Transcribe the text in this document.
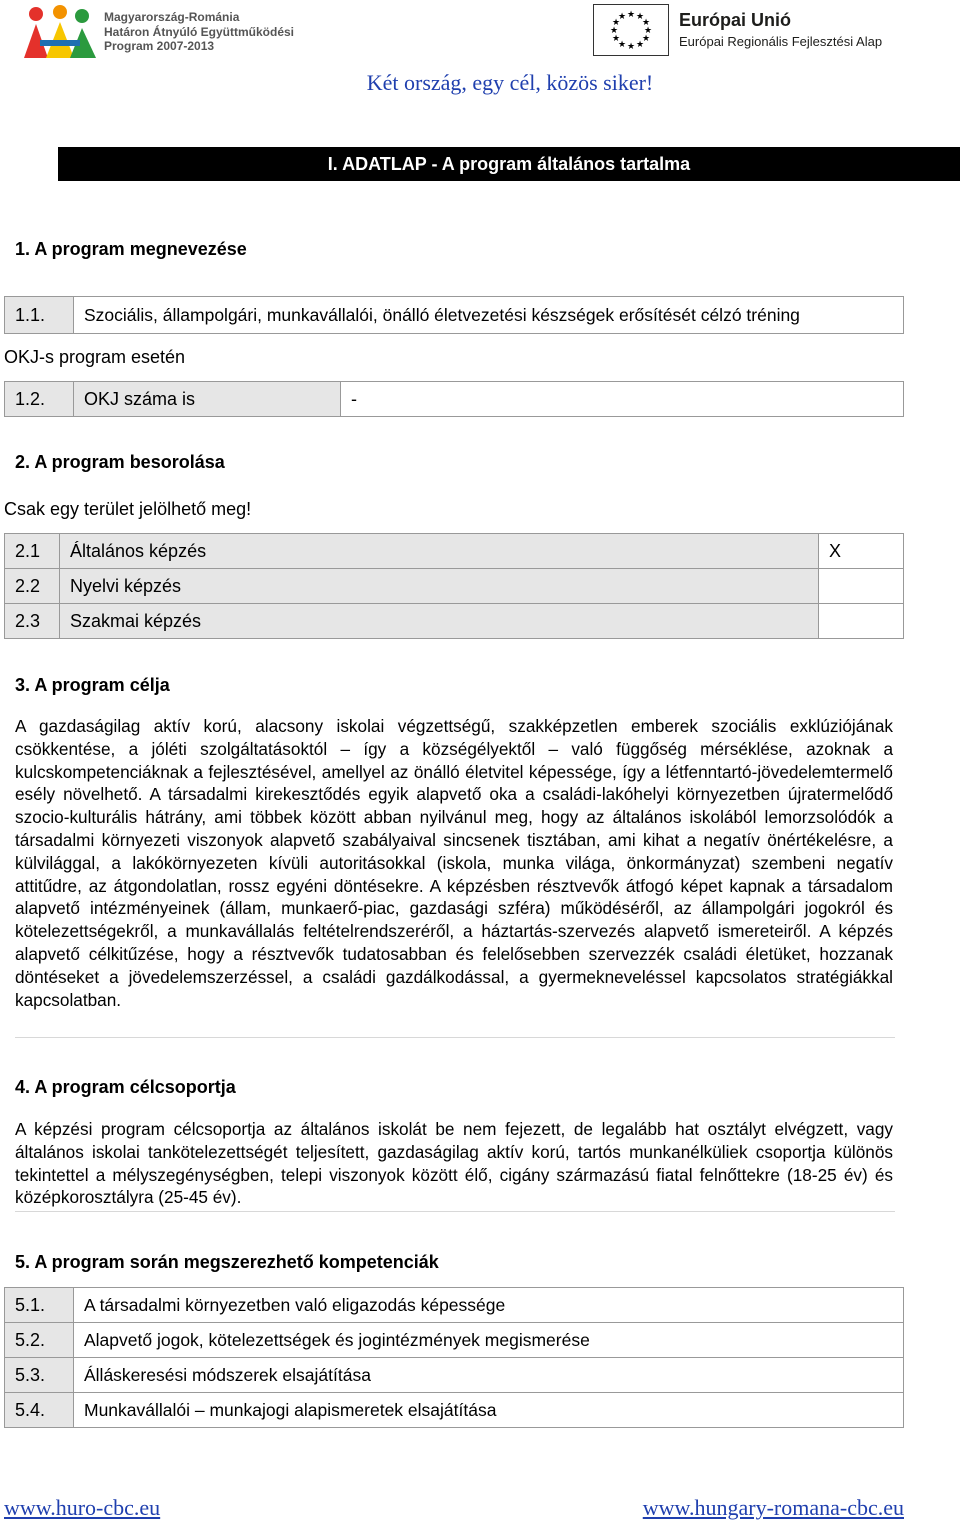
Magyarország-Románia
Határon Átnyúló Együttműködési
Program 2007-2013
★ ★
★
★
★
★
★
★
★
★
★
★	Európai Unió
Európai Regionális Fejlesztési Alap
Két ország, egy cél, közös siker!
I. ADATLAP - A program általános tartalma
1. A program megnevezése
1.1.	Szociális, állampolgári, munkavállalói, önálló életvezetési készségek erősítését célzó tréning
OKJ-s program esetén
1.2.	OKJ száma is	-
2. A program besorolása
Csak egy terület jelölhető meg!
2.1	Általános képzés	X
2.2	Nyelvi képzés	
2.3	Szakmai képzés	
3. A program célja
A gazdaságilag aktív korú, alacsony iskolai végzettségű, szakképzetlen emberek szociális exklúziójának csökkentése, a jóléti szolgáltatásoktól – így a községélyektől – való függőség mérséklése, azoknak a kulcskompetenciáknak a fejlesztésével, amellyel az önálló életvitel képessége, így a létfenntartó-jövedelemtermelő esély növelhető. A társadalmi kirekesztődés egyik alapvető oka a családi-lakóhelyi környezetben újratermelődő szocio-kulturális hátrány, ami többek között abban nyilvánul meg, hogy az általános iskolából lemorzsolódók a társadalmi környezeti viszonyok alapvető szabályaival sincsenek tisztában, ami kihat a negatív önértékelésre, a külvilággal, a lakókörnyezeten kívüli autoritásokkal (iskola, munka világa, önkormányzat) szembeni negatív attitűdre, az átgondolatlan, rossz egyéni döntésekre. A képzésben résztvevők átfogó képet kapnak a társadalom alapvető intézményeinek (állam, munkaerő-piac, gazdasági szféra) működéséről, az állampolgári jogokról és kötelezettségekről, a munkavállalás feltételrendszeréről, a háztartás-szervezés alapvető ismereteiről. A képzés alapvető célkitűzése, hogy a résztvevők tudatosabban és felelősebben szervezzék családi életüket, hozzanak döntéseket a jövedelemszerzéssel, a családi gazdálkodással, a gyermekneveléssel kapcsolatos stratégiákkal kapcsolatban.
4. A program célcsoportja
A képzési program célcsoportja az általános iskolát be nem fejezett, de legalább hat osztályt elvégzett, vagy általános iskolai tankötelezettségét teljesített, gazdaságilag aktív korú, tartós munkanélküliek csoportja különös tekintettel a mélyszegénységben, telepi viszonyok között élő, cigány származású fiatal felnőttekre (18-25 év) és középkorosztályra (25-45 év).
5. A program során megszerezhető kompetenciák
5.1.	A társadalmi környezetben való eligazodás képessége
5.2.	Alapvető jogok, kötelezettségek és jogintézmények megismerése
5.3.	Álláskeresési módszerek elsajátítása
5.4.	Munkavállalói – munkajogi alapismeretek elsajátítása
www.huro-cbc.eu	www.hungary-romana-cbc.eu
